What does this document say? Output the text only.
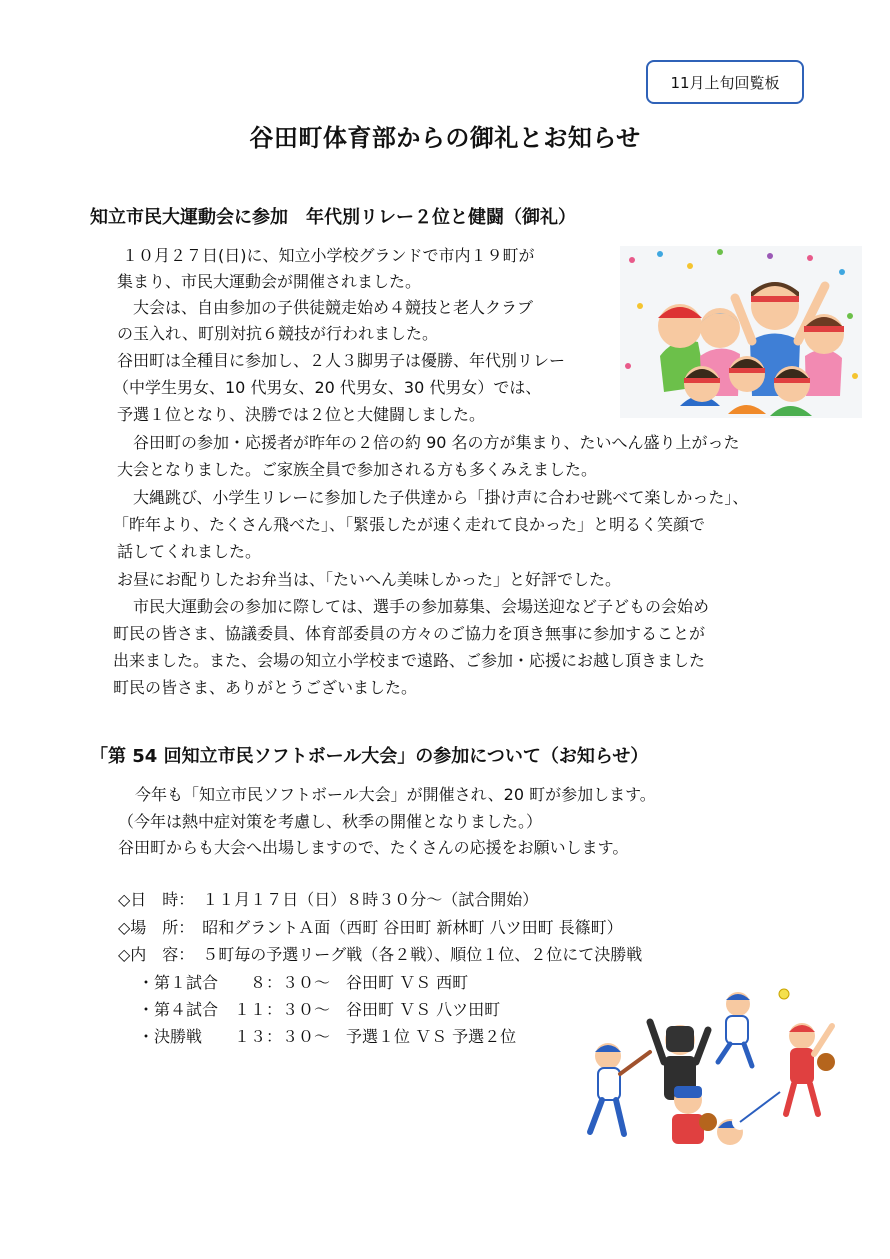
11月上旬回覧板
谷田町体育部からの御礼とお知らせ
知立市民大運動会に参加　年代別リレー２位と健闘（御礼）
１０月２７日(日)に、知立小学校グランドで市内１９町が
集まり、市民大運動会が開催されました。
　大会は、自由参加の子供徒競走始め４競技と老人クラブ
の玉入れ、町別対抗６競技が行われました。
谷田町は全種目に参加し、２人３脚男子は優勝、年代別リレー
（中学生男女、10 代男女、20 代男女、30 代男女）では、
予選１位となり、決勝では２位と大健闘しました。
　谷田町の参加・応援者が昨年の２倍の約 90 名の方が集まり、たいへん盛り上がった
大会となりました。ご家族全員で参加される方も多くみえました。
　大縄跳び、小学生リレーに参加した子供達から「掛け声に合わせ跳べて楽しかった」、
「昨年より、たくさん飛べた」、「緊張したが速く走れて良かった」と明るく笑顔で
話してくれました。
お昼にお配りしたお弁当は、「たいへん美味しかった」と好評でした。
　市民大運動会の参加に際しては、選手の参加募集、会場送迎など子どもの会始め
町民の皆さま、協議委員、体育部委員の方々のご協力を頂き無事に参加することが
出来ました。また、会場の知立小学校まで遠路、ご参加・応援にお越し頂きました
町民の皆さま、ありがとうございました。
「第 54 回知立市民ソフトボール大会」の参加について（お知らせ）
今年も「知立市民ソフトボール大会」が開催され、20 町が参加します。
（今年は熱中症対策を考慮し、秋季の開催となりました。）
谷田町からも大会へ出場しますので、たくさんの応援をお願いします。
◇日　時：　１１月１７日（日）８時３０分～（試合開始）
◇場　所：　昭和グラントＡ面（西町 谷田町 新林町 八ツ田町 長篠町）
◇内　容：　５町毎の予選リーグ戦（各２戦）、順位１位、２位にて決勝戦
・第１試合　　８：３０～　谷田町 ＶＳ 西町
・第４試合　１１：３０～　谷田町 ＶＳ 八ツ田町
・決勝戦　　１３：３０～　予選１位 ＶＳ 予選２位
